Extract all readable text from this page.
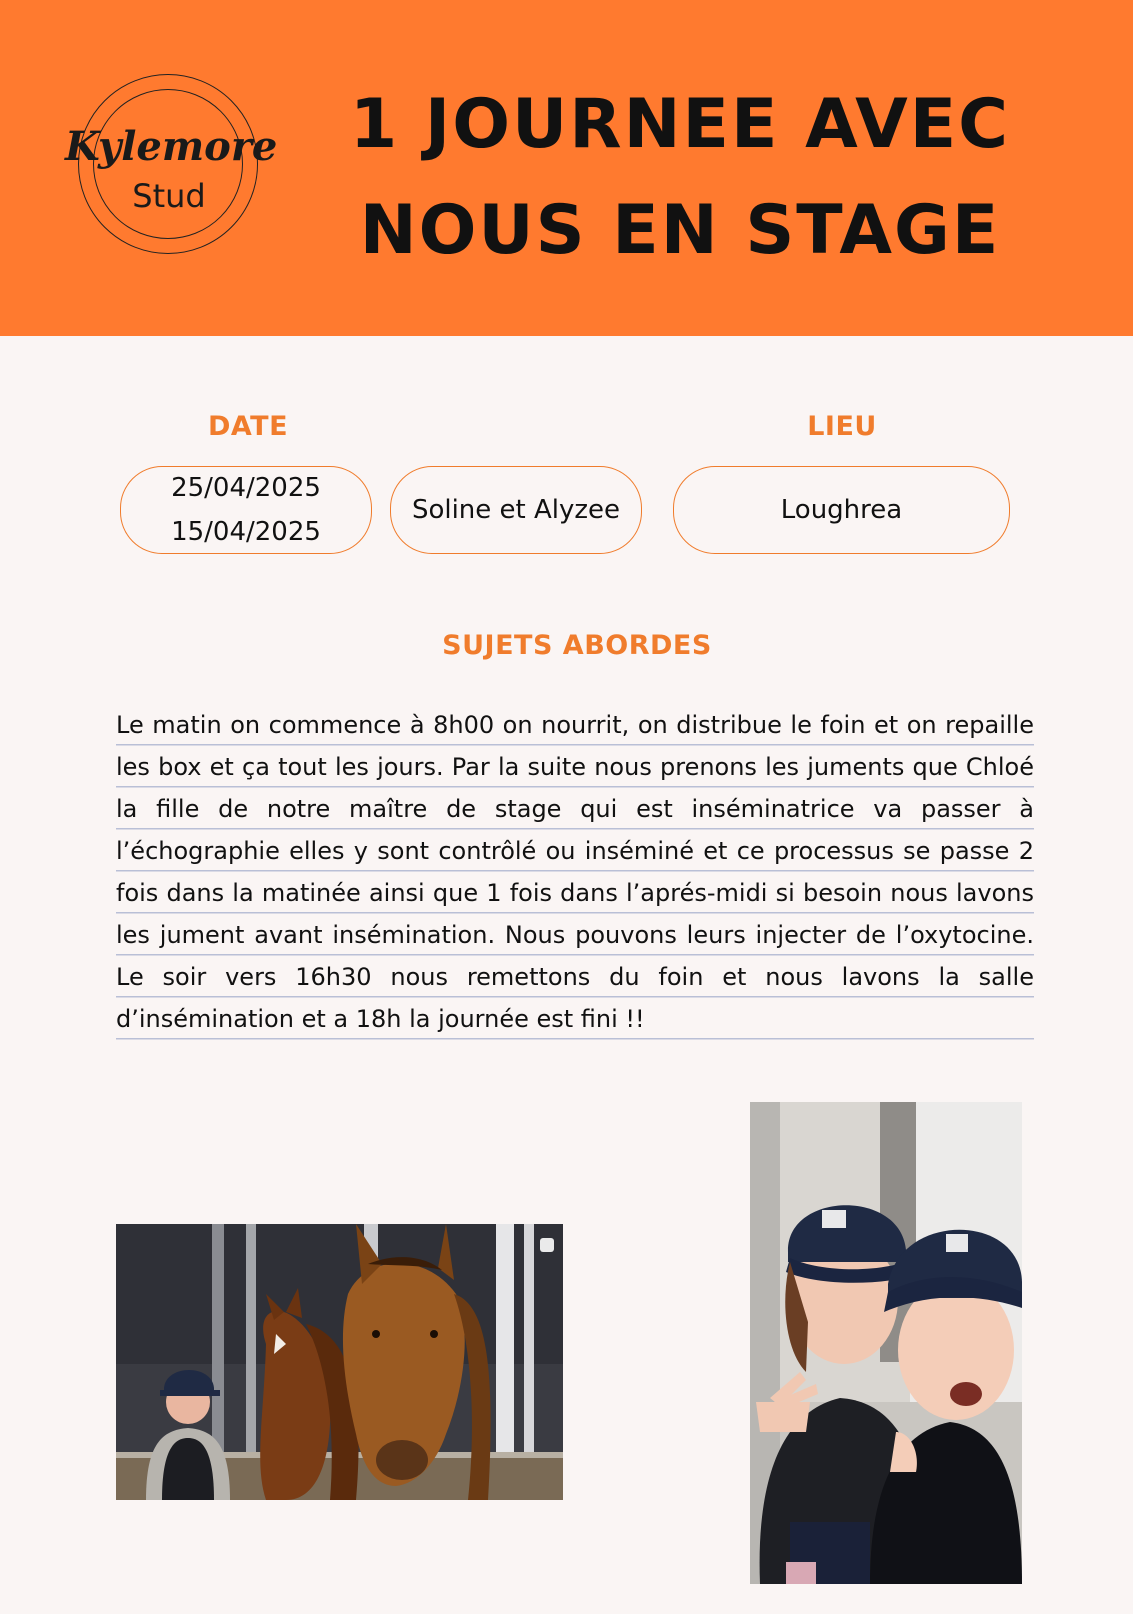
Kylemore
Stud
1 JOURNEE AVEC
NOUS EN STAGE
DATE	LIEU
25/04/2025
15/04/2025
Soline et Alyzee	Loughrea
SUJETS ABORDES
Le matin on commence à 8h00 on nourrit, on distribue le foin et on repaille les box et ça tout les jours. Par la suite nous prenons les juments que Chloé la fille de notre maître de stage qui est inséminatrice va passer à l’échographie elles y sont contrôlé ou inséminé et ce processus se passe 2 fois dans la matinée ainsi que 1 fois dans l’aprés-midi si besoin nous lavons les jument avant insémination. Nous pouvons leurs injecter de l’oxytocine. Le soir vers 16h30 nous remettons du foin et nous lavons la salle d’insémination et a 18h la journée est fini !!
